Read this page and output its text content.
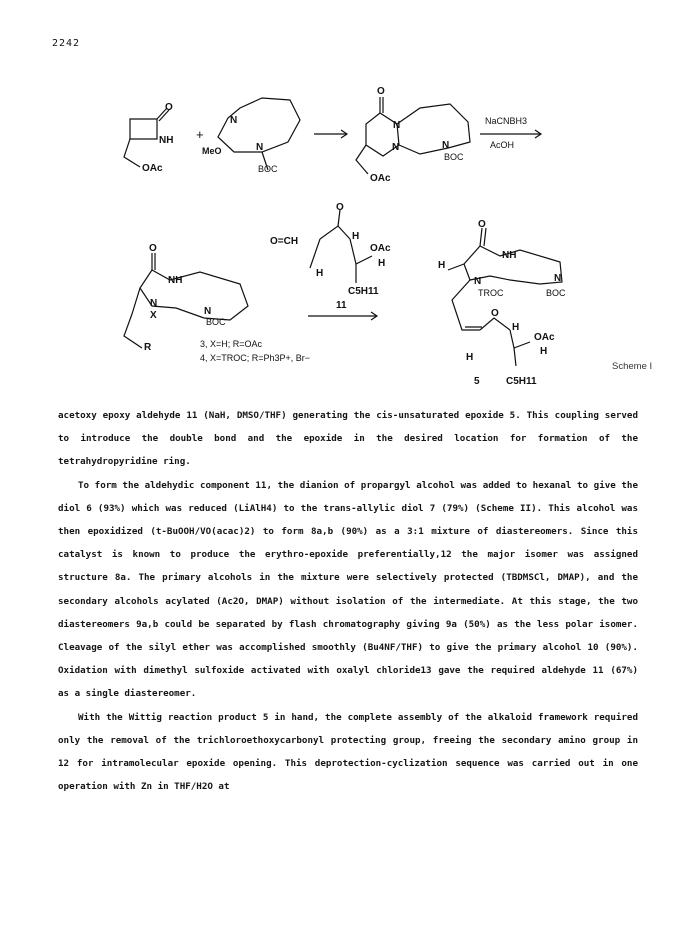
2242
O
NH
OAc
+
N
MeO	N
BOC
O
N
N	N
BOC
OAc
NaCNBH3
AcOH
O
O=CH	H
OAc
H
H
C5H11
O
NH
N
X	N
BOC
R	3, X=H; R=OAc
4, X=TROC; R=Ph3P+, Br−
11
O
NH
H
N	N
TROC	BOC
O
H
OAc
H
H
5	C5H11
Scheme I

acetoxy epoxy aldehyde 11 (NaH, DMSO/THF) generating the cis-unsaturated epoxide 5. This coupling served to introduce the double bond and the epoxide in the desired location for formation of the tetrahydropyridine ring.

To form the aldehydic component 11, the dianion of propargyl alcohol was added to hexanal to give the diol 6 (93%) which was reduced (LiAlH4) to the trans-allylic diol 7 (79%) (Scheme II). This alcohol was then epoxidized (t-BuOOH/VO(acac)2) to form 8a,b (90%) as a 3:1 mixture of diastereomers. Since this catalyst is known to produce the erythro-epoxide preferentially,12 the major isomer was assigned structure 8a. The primary alcohols in the mixture were selectively protected (TBDMSCl, DMAP), and the secondary alcohols acylated (Ac2O, DMAP) without isolation of the intermediate. At this stage, the two diastereomers 9a,b could be separated by flash chromatography giving 9a (50%) as the less polar isomer. Cleavage of the silyl ether was accomplished smoothly (Bu4NF/THF) to give the primary alcohol 10 (90%). Oxidation with dimethyl sulfoxide activated with oxalyl chloride13 gave the required aldehyde 11 (67%) as a single diastereomer.

With the Wittig reaction product 5 in hand, the complete assembly of the alkaloid framework required only the removal of the trichloroethoxycarbonyl protecting group, freeing the secondary amino group in 12 for intramolecular epoxide opening. This deprotection-cyclization sequence was carried out in one operation with Zn in THF/H2O at
